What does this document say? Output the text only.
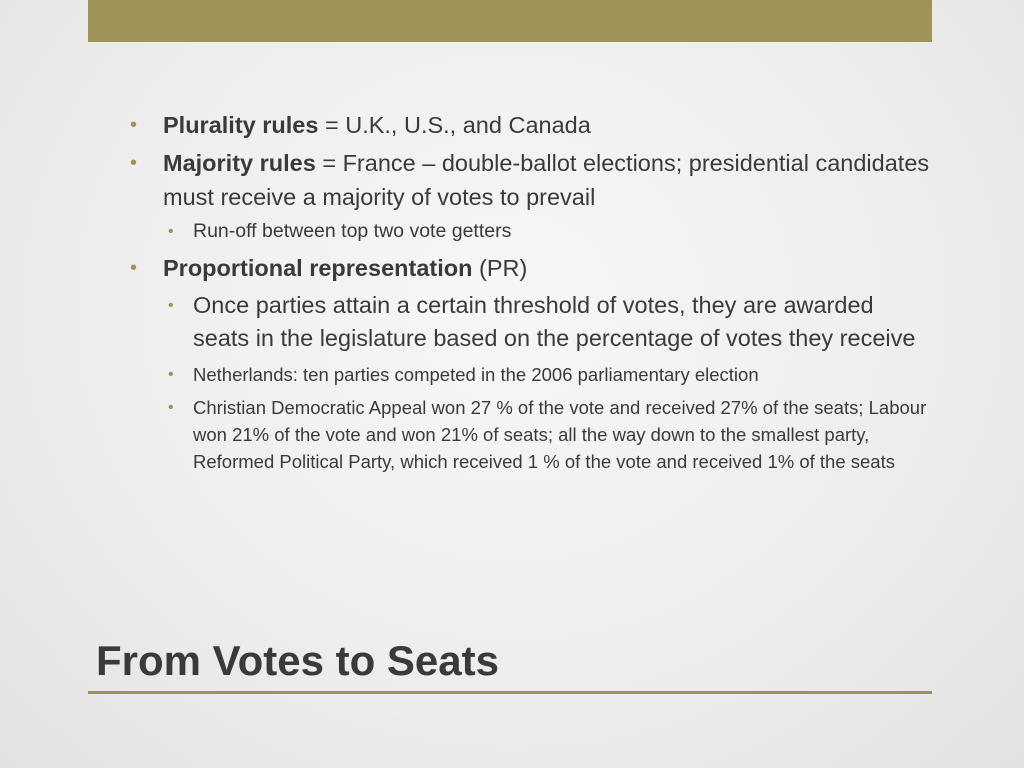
• Plurality rules = U.K., U.S., and Canada

• Majority rules = France – double-ballot elections; presidential candidates must receive a majority of votes to prevail

• Run-off between top two vote getters

• Proportional representation (PR)

• Once parties attain a certain threshold of votes, they are awarded seats in the legislature based on the percentage of votes they receive

• Netherlands: ten parties competed in the 2006 parliamentary election

• Christian Democratic Appeal won 27 % of the vote and received 27% of the seats; Labour won 21% of the vote and won 21% of seats; all the way down to the smallest party, Reformed Political Party, which received 1 % of the vote and received 1% of the seats

From Votes to Seats
